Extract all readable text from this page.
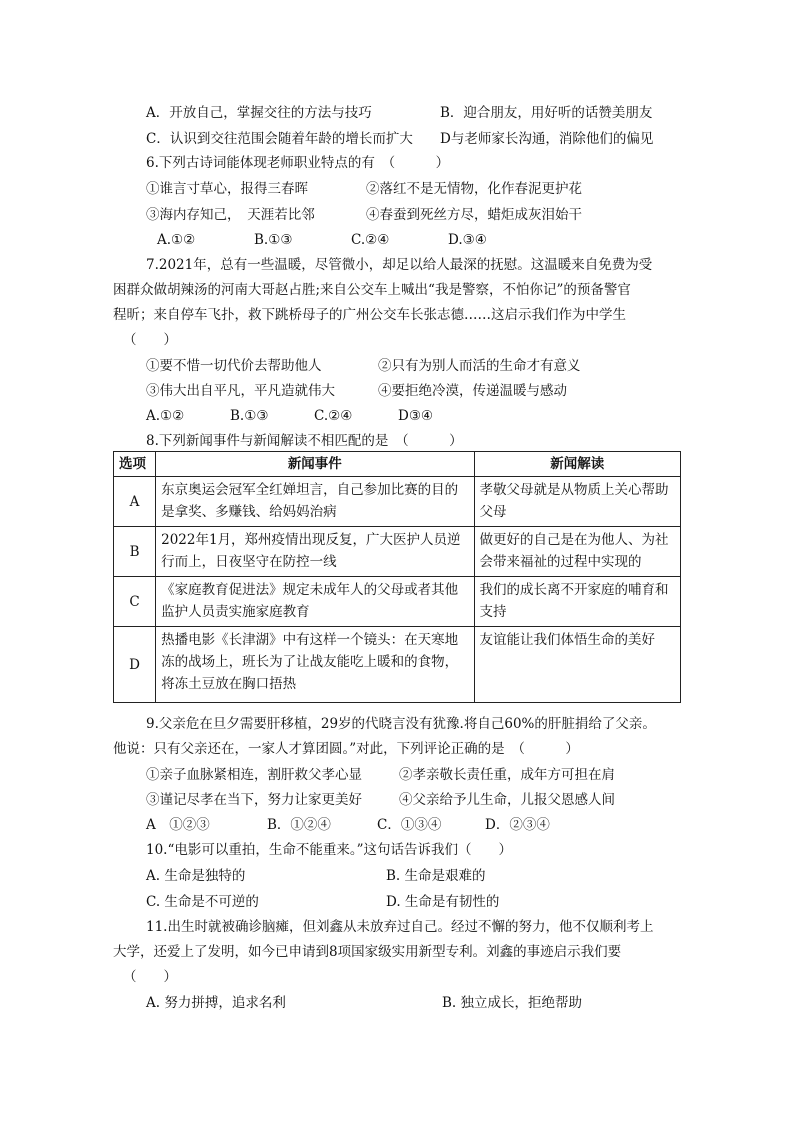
A．开放自己，掌握交往的方法与技巧	B．迎合朋友，用好听的话赞美朋友
C．认识到交往范围会随着年龄的增长而扩大 D与老师家长沟通，消除他们的偏见
6.下列古诗词能体现老师职业特点的有　（　　　）
①谁言寸草心，报得三春晖	②落红不是无情物，化作春泥更护花
③海内存知己，　天涯若比邻	④春蚕到死丝方尽，蜡炬成灰泪始干
A.①②	B.①③	C.②④	D.③④
7.2021年，总有一些温暖，尽管微小，却足以给人最深的抚慰。这温暖来自免费为受
困群众做胡辣汤的河南大哥赵占胜;来自公交车上喊出“我是警察，不怕你记”的预备警官
程昕；来自停车飞扑，救下跳桥母子的广州公交车长张志德……这启示我们作为中学生
（　　）
①要不惜一切代价去帮助他人	②只有为别人而活的生命才有意义
③伟大出自平凡，平凡造就伟大	④要拒绝冷漠，传递温暖与感动
A.①②	B.①③	C.②④	D③④
8.下列新闻事件与新闻解读不相匹配的是　（　　　）
选项	新闻事件	新闻解读
A	东京奥运会冠军全红婵坦言，自己参加比赛的目的是拿奖、多赚钱、给妈妈治病	孝敬父母就是从物质上关心帮助父母
B	2022年1月，郑州疫情出现反复，广大医护人员逆行而上，日夜坚守在防控一线	做更好的自己是在为他人、为社会带来福祉的过程中实现的
C	《家庭教育促进法》规定未成年人的父母或者其他监护人员责实施家庭教育	我们的成长离不开家庭的哺育和支持
D	热播电影《长津湖》中有这样一个镜头：在天寒地冻的战场上，班长为了让战友能吃上暖和的食物，将冻土豆放在胸口捂热	友谊能让我们体悟生命的美好
9.父亲危在旦夕需要肝移植，29岁的代晓言没有犹豫.将自己60%的肝脏捐给了父亲。
他说：只有父亲还在，一家人才算团圆。”对此，下列评论正确的是　（　　　）
①亲子血脉紧相连，割肝救父孝心显	②孝亲敬长责任重，成年方可担在肩
③谨记尽孝在当下，努力让家更美好	④父亲给予儿生命，儿报父恩感人间
A　①②③	B．①②④	C．①③④	D．②③④
10.“电影可以重拍，生命不能重来。”这句话告诉我们（　　）
A. 生命是独特的	B. 生命是艰难的
C. 生命是不可逆的	D. 生命是有韧性的
11.出生时就被确诊脑瘫，但刘鑫从未放弃过自己。经过不懈的努力，他不仅顺利考上
大学，还爱上了发明，如今已申请到8项国家级实用新型专利。刘鑫的事迹启示我们要
（　　）
A. 努力拼搏，追求名利	B. 独立成长，拒绝帮助
